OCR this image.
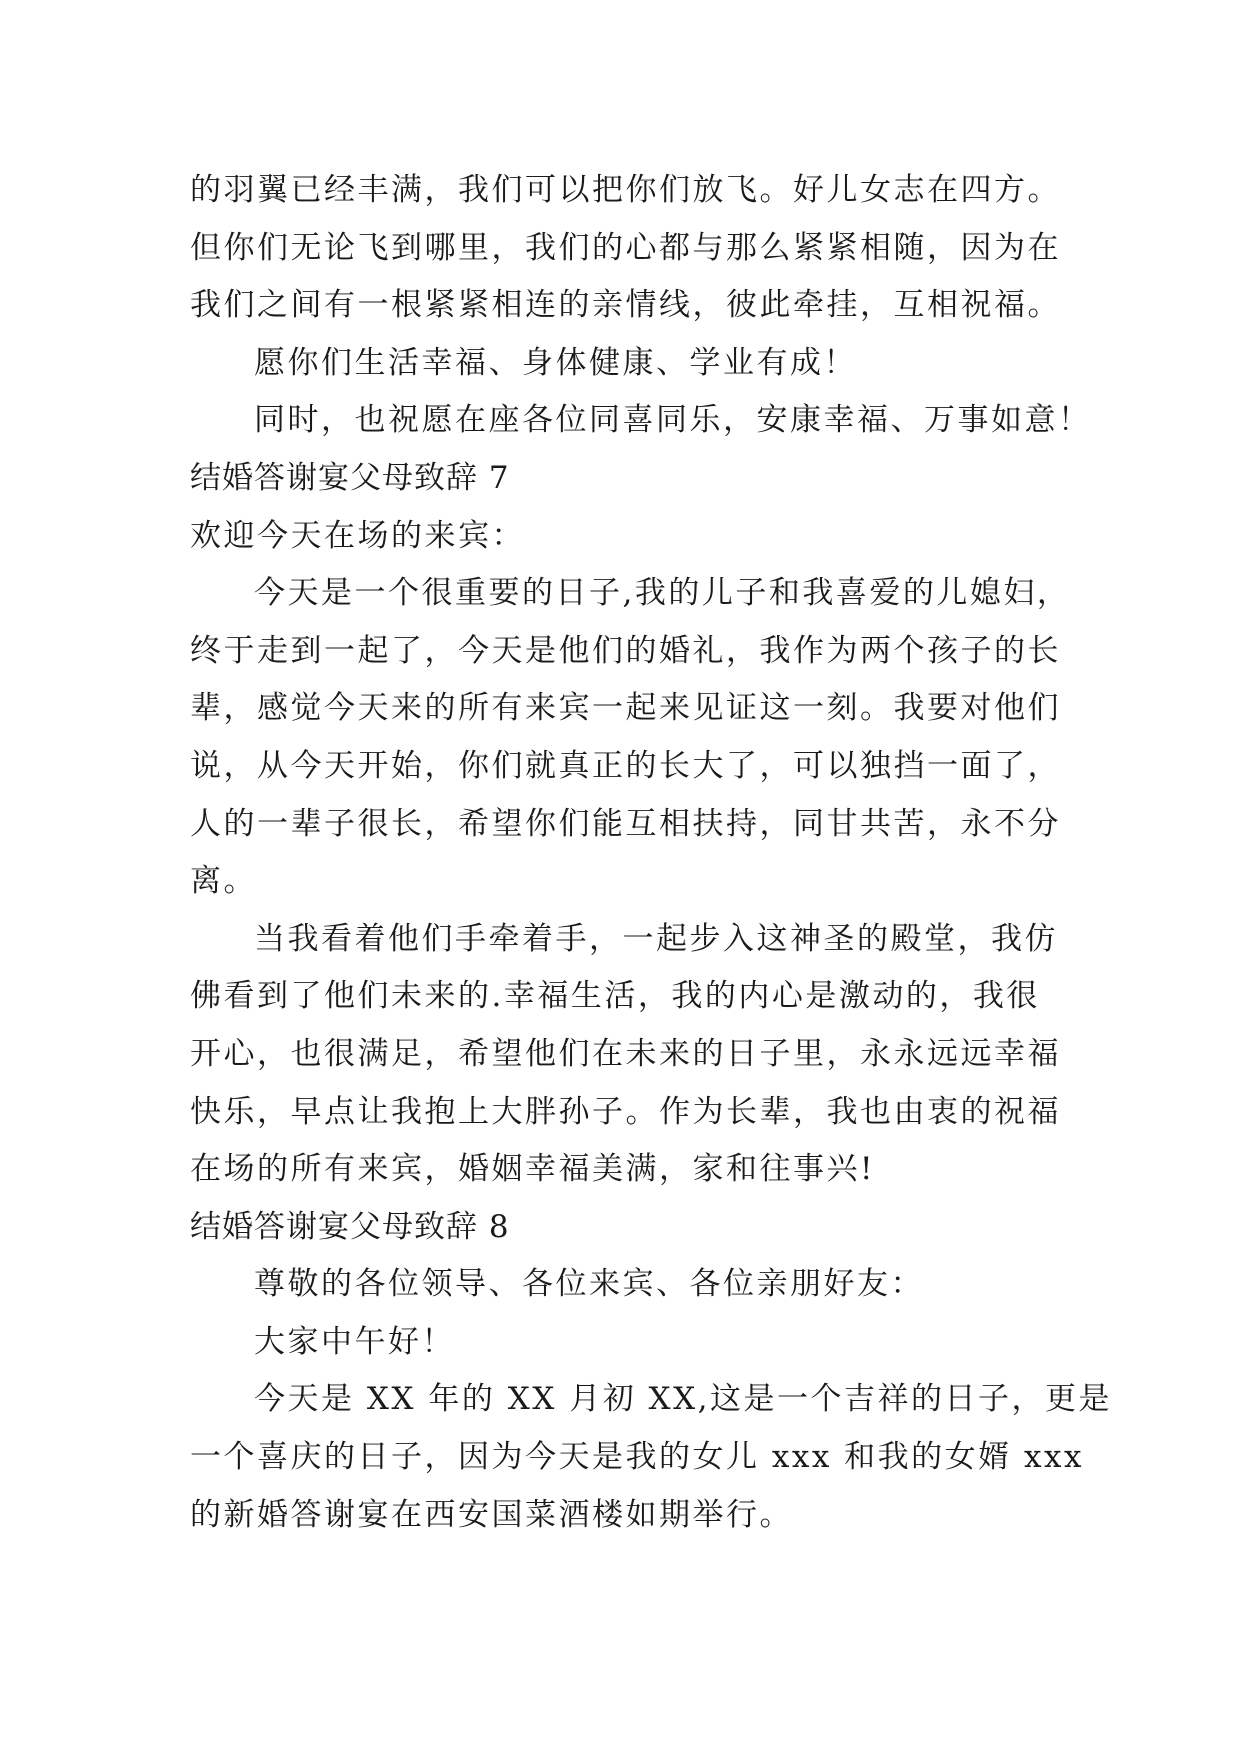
的羽翼已经丰满，我们可以把你们放飞。好儿女志在四方。
但你们无论飞到哪里，我们的心都与那么紧紧相随，因为在
我们之间有一根紧紧相连的亲情线，彼此牵挂，互相祝福。
愿你们生活幸福、身体健康、学业有成！
同时，也祝愿在座各位同喜同乐，安康幸福、万事如意！
结婚答谢宴父母致辞 7
欢迎今天在场的来宾：
今天是一个很重要的日子,我的儿子和我喜爱的儿媳妇，
终于走到一起了，今天是他们的婚礼，我作为两个孩子的长
辈，感觉今天来的所有来宾一起来见证这一刻。我要对他们
说，从今天开始，你们就真正的长大了，可以独挡一面了，
人的一辈子很长，希望你们能互相扶持，同甘共苦，永不分
离。
当我看着他们手牵着手，一起步入这神圣的殿堂，我仿
佛看到了他们未来的.幸福生活，我的内心是激动的，我很
开心，也很满足，希望他们在未来的日子里，永永远远幸福
快乐，早点让我抱上大胖孙子。作为长辈，我也由衷的祝福
在场的所有来宾，婚姻幸福美满，家和往事兴!
结婚答谢宴父母致辞 8
尊敬的各位领导、各位来宾、各位亲朋好友：
大家中午好！
今天是 XX 年的 XX 月初 XX,这是一个吉祥的日子，更是
一个喜庆的日子，因为今天是我的女儿 xxx 和我的女婿 xxx
的新婚答谢宴在西安国菜酒楼如期举行。
